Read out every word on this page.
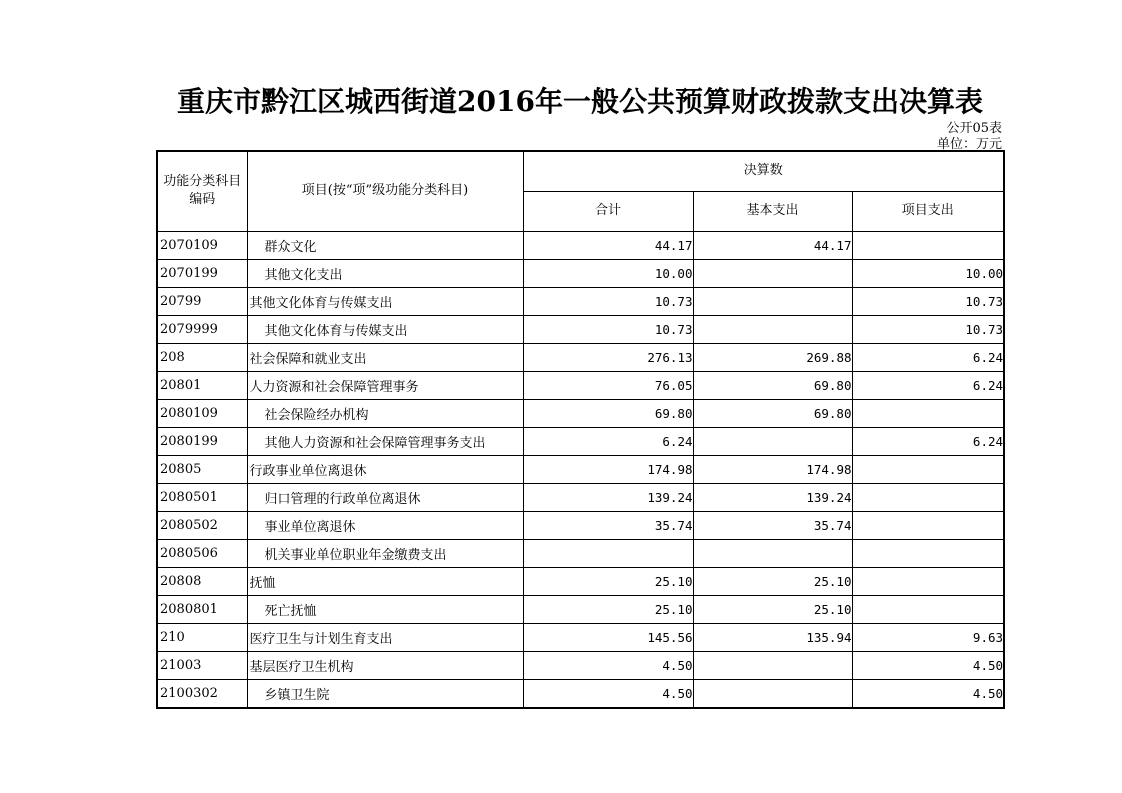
重庆市黔江区城西街道2016年一般公共预算财政拨款支出决算表
公开05表
单位：万元
功能分类科目编码	项目(按“项”级功能分类科目)	决算数		
		合计	基本支出	项目支出
2070109	群众文化	44.17	44.17	
2070199	其他文化支出	10.00		10.00
20799	其他文化体育与传媒支出	10.73		10.73
2079999	其他文化体育与传媒支出	10.73		10.73
208	社会保障和就业支出	276.13	269.88	6.24
20801	人力资源和社会保障管理事务	76.05	69.80	6.24
2080109	社会保险经办机构	69.80	69.80	
2080199	其他人力资源和社会保障管理事务支出	6.24		6.24
20805	行政事业单位离退休	174.98	174.98	
2080501	归口管理的行政单位离退休	139.24	139.24	
2080502	事业单位离退休	35.74	35.74	
2080506	机关事业单位职业年金缴费支出			
20808	抚恤	25.10	25.10	
2080801	死亡抚恤	25.10	25.10	
210	医疗卫生与计划生育支出	145.56	135.94	9.63
21003	基层医疗卫生机构	4.50		4.50
2100302	乡镇卫生院	4.50		4.50
